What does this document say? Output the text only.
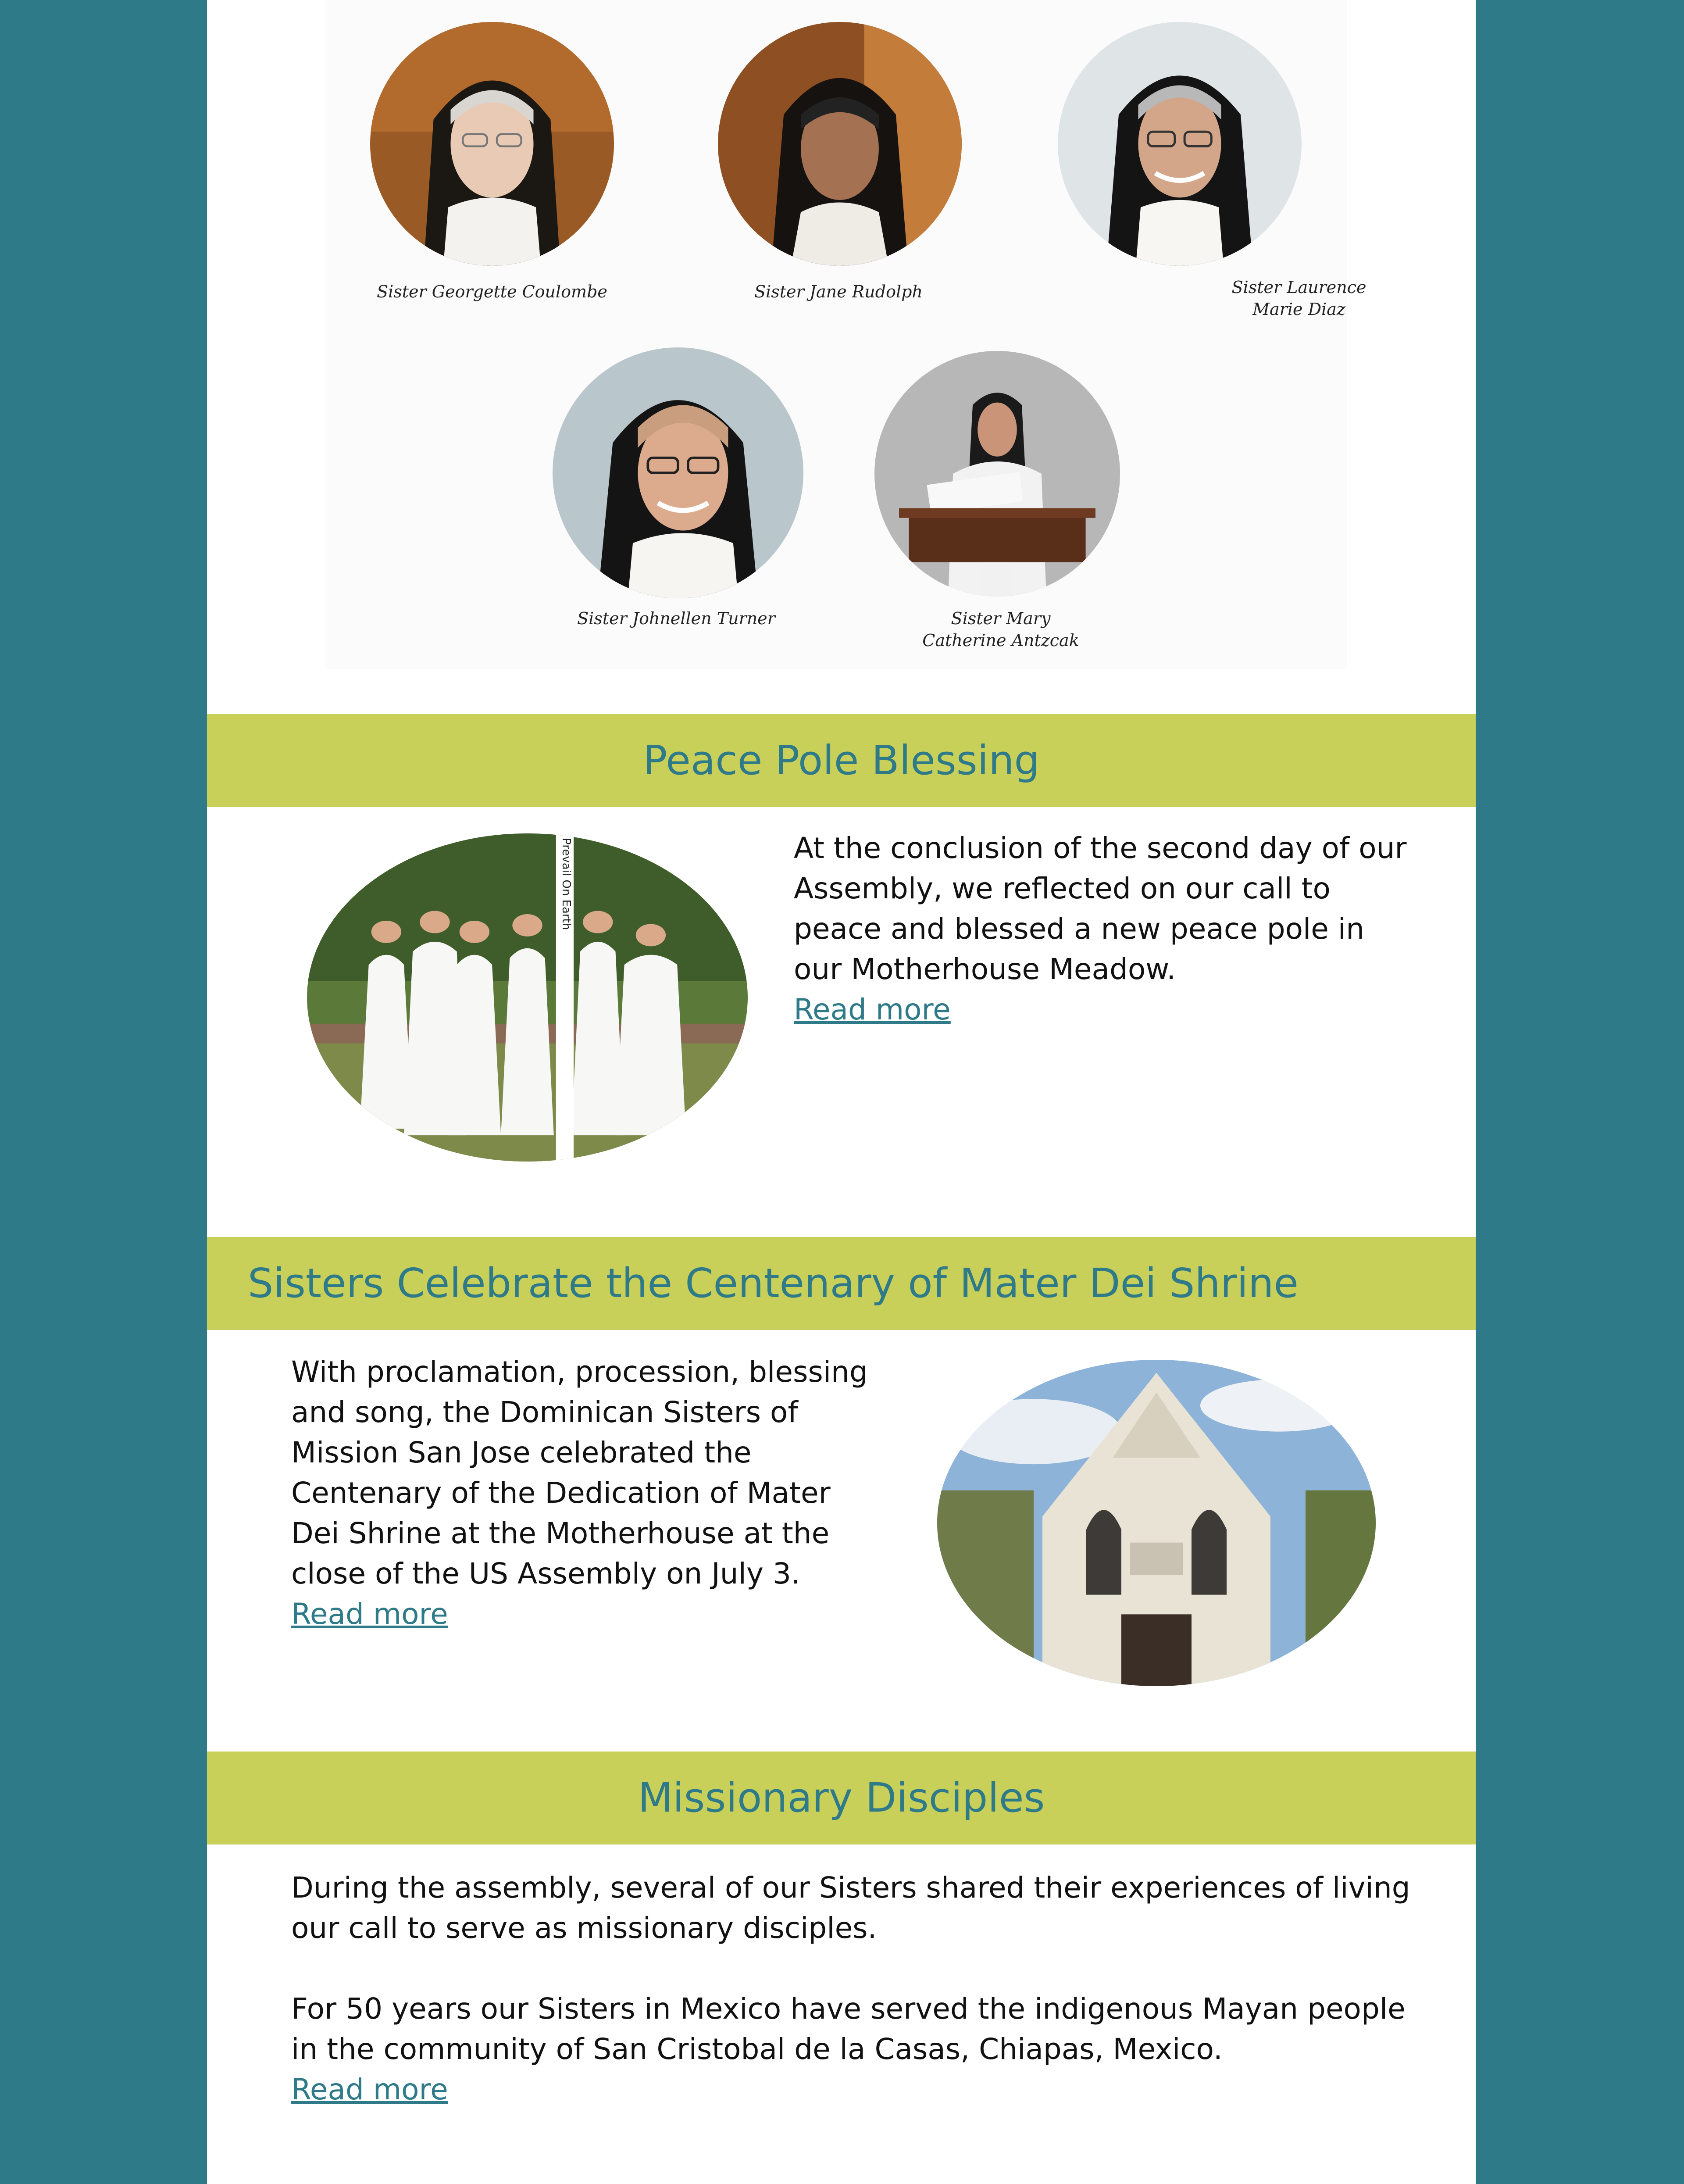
Sister Georgette Coulombe	Sister Jane Rudolph	Sister Laurence
Marie Diaz
Sister Johnellen Turner	Sister Mary
Catherine Antzcak
Peace Pole Blessing
Prevail On Earth	At the conclusion of the second day of our Assembly, we reflected on our call to peace and blessed a new peace pole in our Motherhouse Meadow.
Read more
Sisters Celebrate the Centenary of Mater Dei Shrine
With proclamation, procession, blessing and song, the Dominican Sisters of Mission San Jose celebrated the Centenary of the Dedication of Mater Dei Shrine at the Motherhouse at the close of the US Assembly on July 3.
Read more
Missionary Disciples
During the assembly, several of our Sisters shared their experiences of living our call to serve as missionary disciples.
For 50 years our Sisters in Mexico have served the indigenous Mayan people in the community of San Cristobal de la Casas, Chiapas, Mexico.
Read more
